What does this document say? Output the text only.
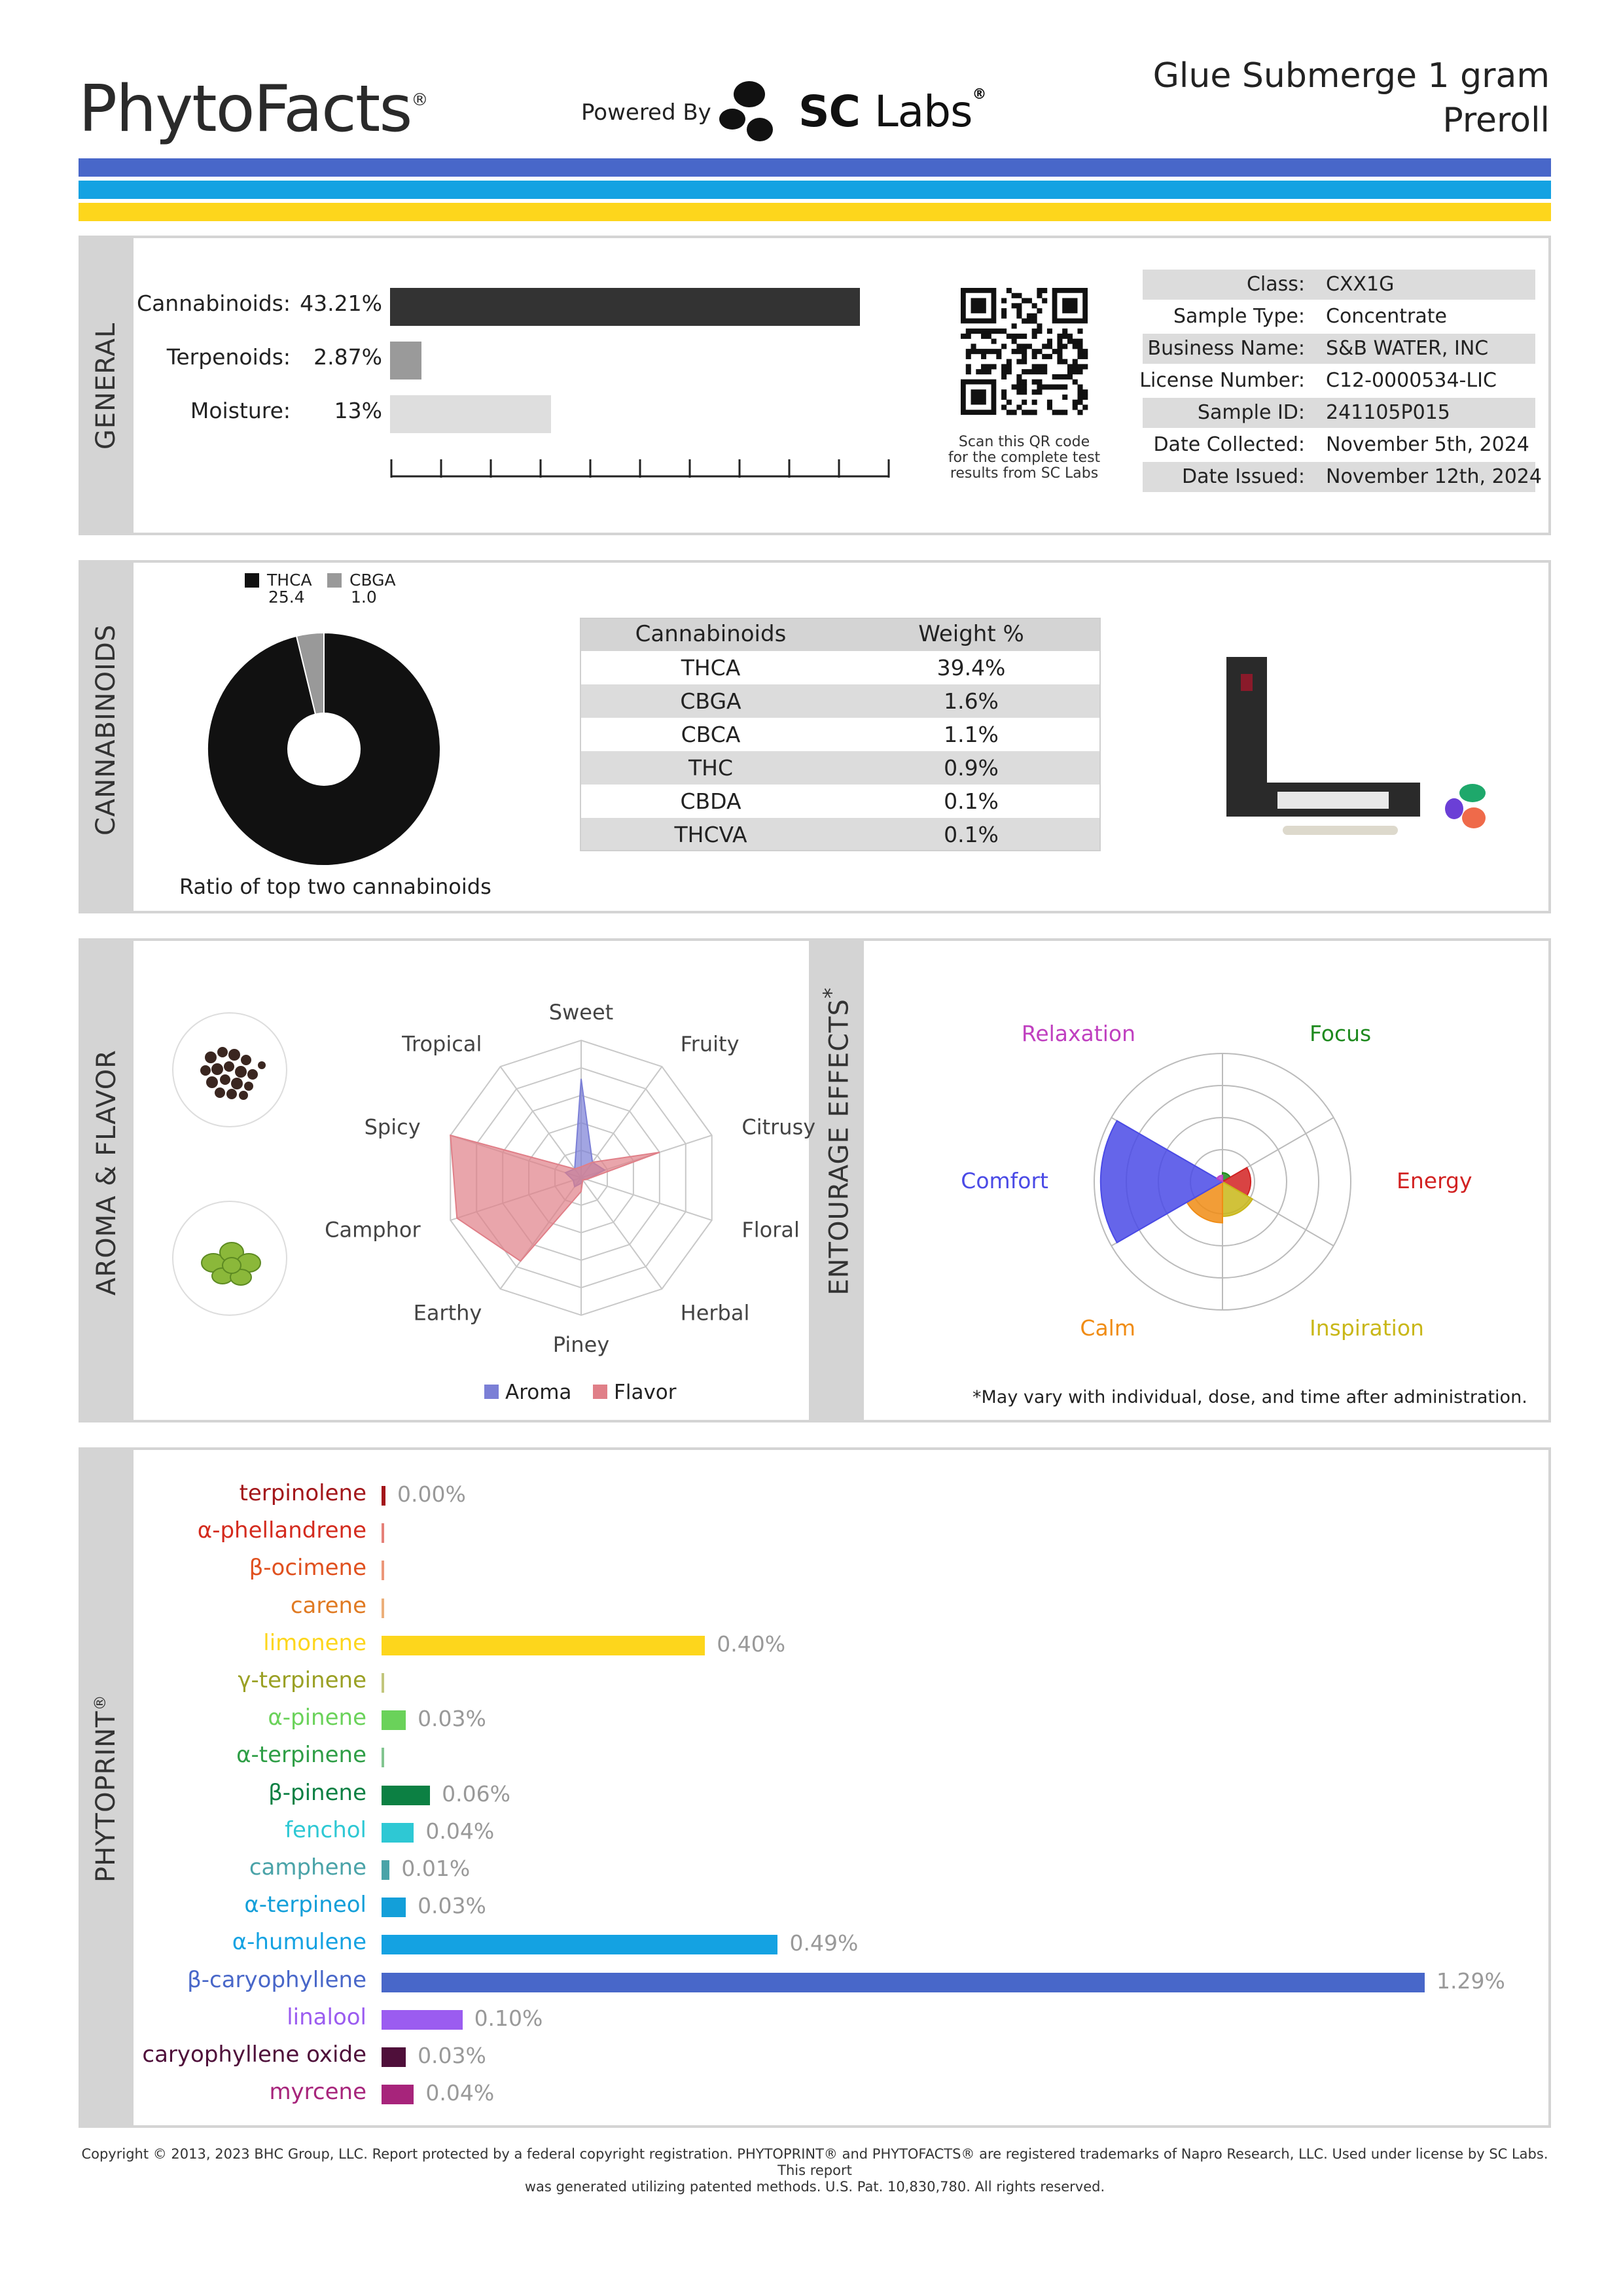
PhytoFacts®	Powered By SC Labs®	Glue Submerge 1 gram
Preroll
GENERAL
Cannabinoids: 43.21%
Terpenoids: 2.87%
Moisture: 13%
Scan this QR code
for the complete test
results from SC Labs
Class: CXX1G
Sample Type: Concentrate
Business Name: S&B WATER, INC
License Number: C12-0000534-LIC
Sample ID: 241105P015
Date Collected: November 5th, 2024
Date Issued: November 12th, 2024
CANNABINOIDS
THCA
25.4
CBGA
1.0
Ratio of top two cannabinoids
Cannabinoids	Weight %
THCA	39.4%
CBGA	1.6%
CBCA	1.1%
THC	0.9%
CBDA	0.1%
THCVA	0.1%
AROMA & FLAVOR	ENTOURAGE EFFECTS*
Sweet
Fruity
Citrusy
Floral
Herbal
Piney
Earthy
Camphor
Spicy
Tropical
Aroma Flavor
Focus
Energy
Inspiration
Calm
Comfort
Relaxation
*May vary with individual, dose, and time after administration.
PHYTOPRINT®
terpinolene 0.00%
α-phellandrene
β-ocimene
carene
limonene	0.40%
γ-terpinene
α-pinene 0.03%
α-terpinene
β-pinene	0.06%
fenchol	0.04%
camphene 0.01%
α-terpineol 0.03%
α-humulene	0.49%
β-caryophyllene	1.29%
linalool	0.10%
caryophyllene oxide 0.03%
myrcene	0.04%
Copyright © 2013, 2023 BHC Group, LLC. Report protected by a federal copyright registration. PHYTOPRINT® and PHYTOFACTS® are registered trademarks of Napro Research, LLC. Used under license by SC Labs. This report
was generated utilizing patented methods. U.S. Pat. 10,830,780. All rights reserved.
